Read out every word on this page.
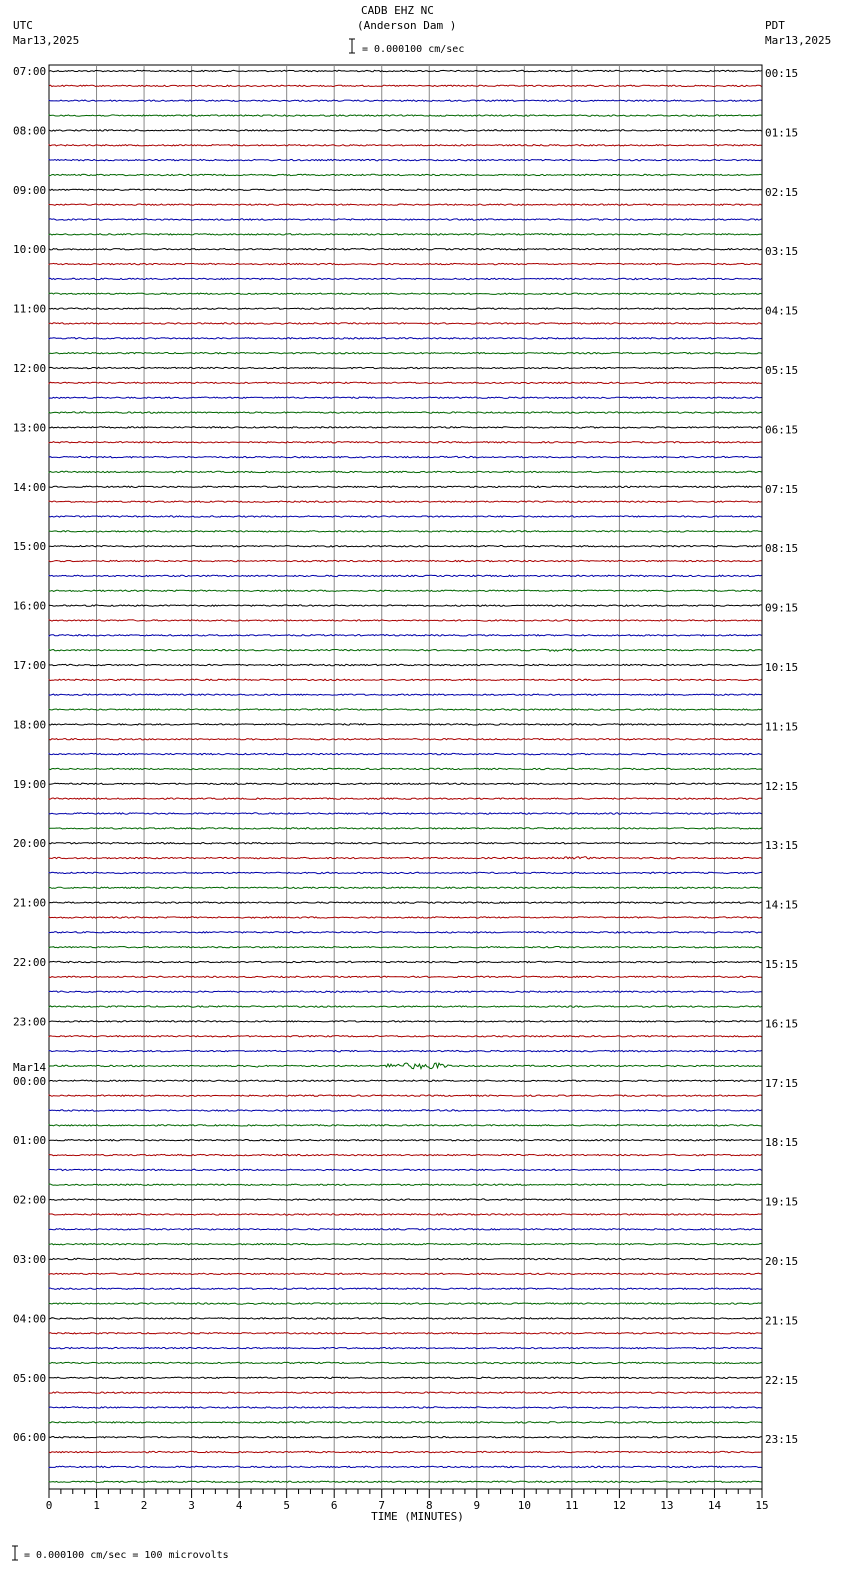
CADB EHZ NC
(Anderson Dam )
UTC
Mar13,2025
PDT
Mar13,2025
= 0.000100 cm/sec
= 0.000100 cm/sec = 100 microvolts
07:00	00:15
08:00	01:15
09:00	02:15
10:00	03:15
11:00	04:15
12:00	05:15
13:00	06:15
14:00	07:15
15:00	08:15
16:00	09:15
17:00	10:15
18:00	11:15
19:00	12:15
20:00	13:15
21:00	14:15
22:00	15:15
23:00	16:15
00:00
Mar14
17:15
01:00	18:15
02:00	19:15
03:00	20:15
04:00	21:15
05:00	22:15
06:00	23:15
0	1	2	3	4	5	6	7	8	9	10	11	12	13	14	15
TIME (MINUTES)
